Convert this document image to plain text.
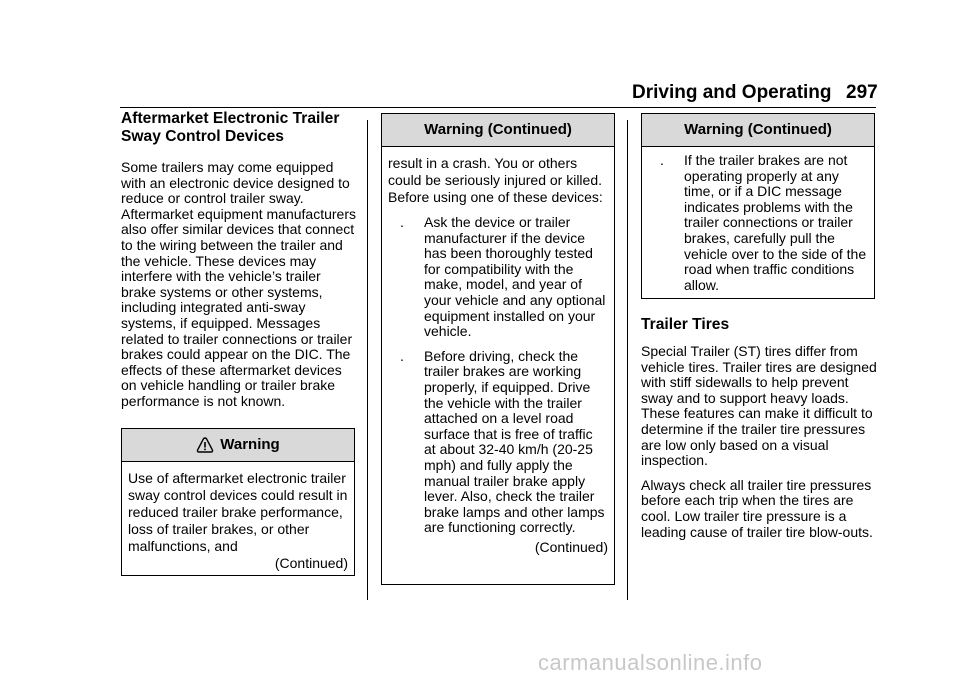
Driving and Operating 297
Aftermarket Electronic Trailer
Sway Control Devices

Some trailers may come equipped with an electronic device designed to reduce or control trailer sway. Aftermarket equipment manufacturers also offer similar devices that connect to the wiring between the trailer and the vehicle. These devices may interfere with the vehicle’s trailer brake systems or other systems, including integrated anti-sway systems, if equipped. Messages related to trailer connections or trailer brakes could appear on the DIC. The effects of these aftermarket devices on vehicle handling or trailer brake performance is not known.

Warning
Use of aftermarket electronic trailer sway control devices could result in reduced trailer brake performance, loss of trailer brakes, or other malfunctions, and
(Continued)
Warning (Continued)

result in a crash. You or others could be seriously injured or killed. Before using one of these devices:

.	Ask the device or trailer manufacturer if the device has been thoroughly tested for compatibility with the make, model, and year of your vehicle and any optional equipment installed on your vehicle.
.	Before driving, check the trailer brakes are working properly, if equipped. Drive the vehicle with the trailer attached on a level road surface that is free of traffic at about 32-40 km/h (20-25 mph) and fully apply the manual trailer brake apply lever. Also, check the trailer brake lamps and other lamps are functioning correctly.
(Continued)
Warning (Continued)
.	If the trailer brakes are not operating properly at any time, or if a DIC message indicates problems with the trailer connections or trailer brakes, carefully pull the vehicle over to the side of the road when traffic conditions allow.
Trailer Tires

Special Trailer (ST) tires differ from vehicle tires. Trailer tires are designed with stiff sidewalls to help prevent sway and to support heavy loads. These features can make it difficult to determine if the trailer tire pressures are low only based on a visual inspection.

Always check all trailer tire pressures before each trip when the tires are cool. Low trailer tire pressure is a leading cause of trailer tire blow-outs.

carmanualsonline.info
